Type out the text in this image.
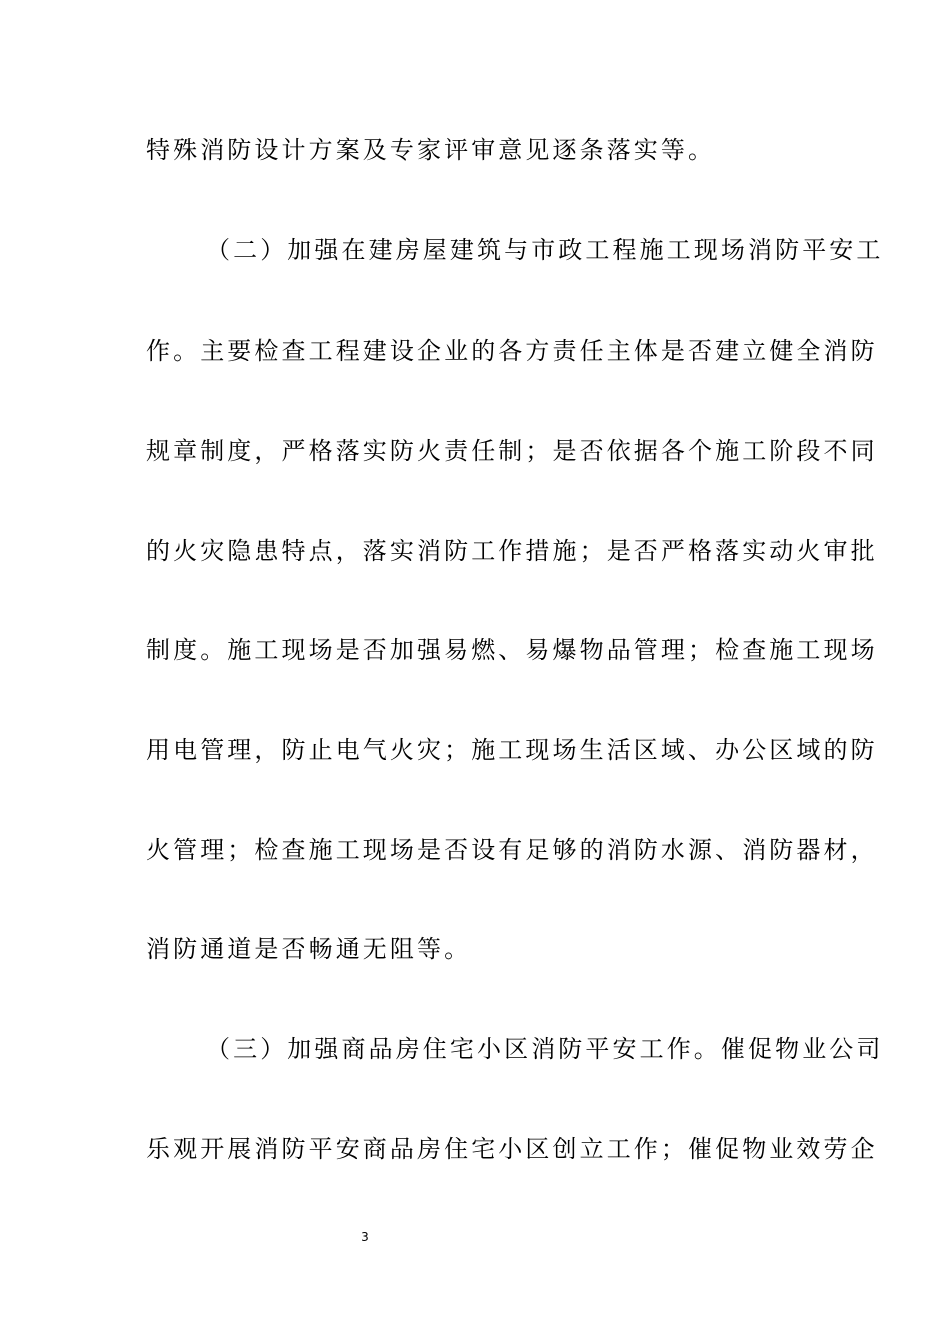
特殊消防设计方案及专家评审意见逐条落实等。
（二）加强在建房屋建筑与市政工程施工现场消防平安工
作。主要检查工程建设企业的各方责任主体是否建立健全消防
规章制度，严格落实防火责任制；是否依据各个施工阶段不同
的火灾隐患特点，落实消防工作措施；是否严格落实动火审批
制度。施工现场是否加强易燃、易爆物品管理；检查施工现场
用电管理，防止电气火灾；施工现场生活区域、办公区域的防
火管理；检查施工现场是否设有足够的消防水源、消防器材，
消防通道是否畅通无阻等。
（三）加强商品房住宅小区消防平安工作。催促物业公司
乐观开展消防平安商品房住宅小区创立工作；催促物业效劳企
3
